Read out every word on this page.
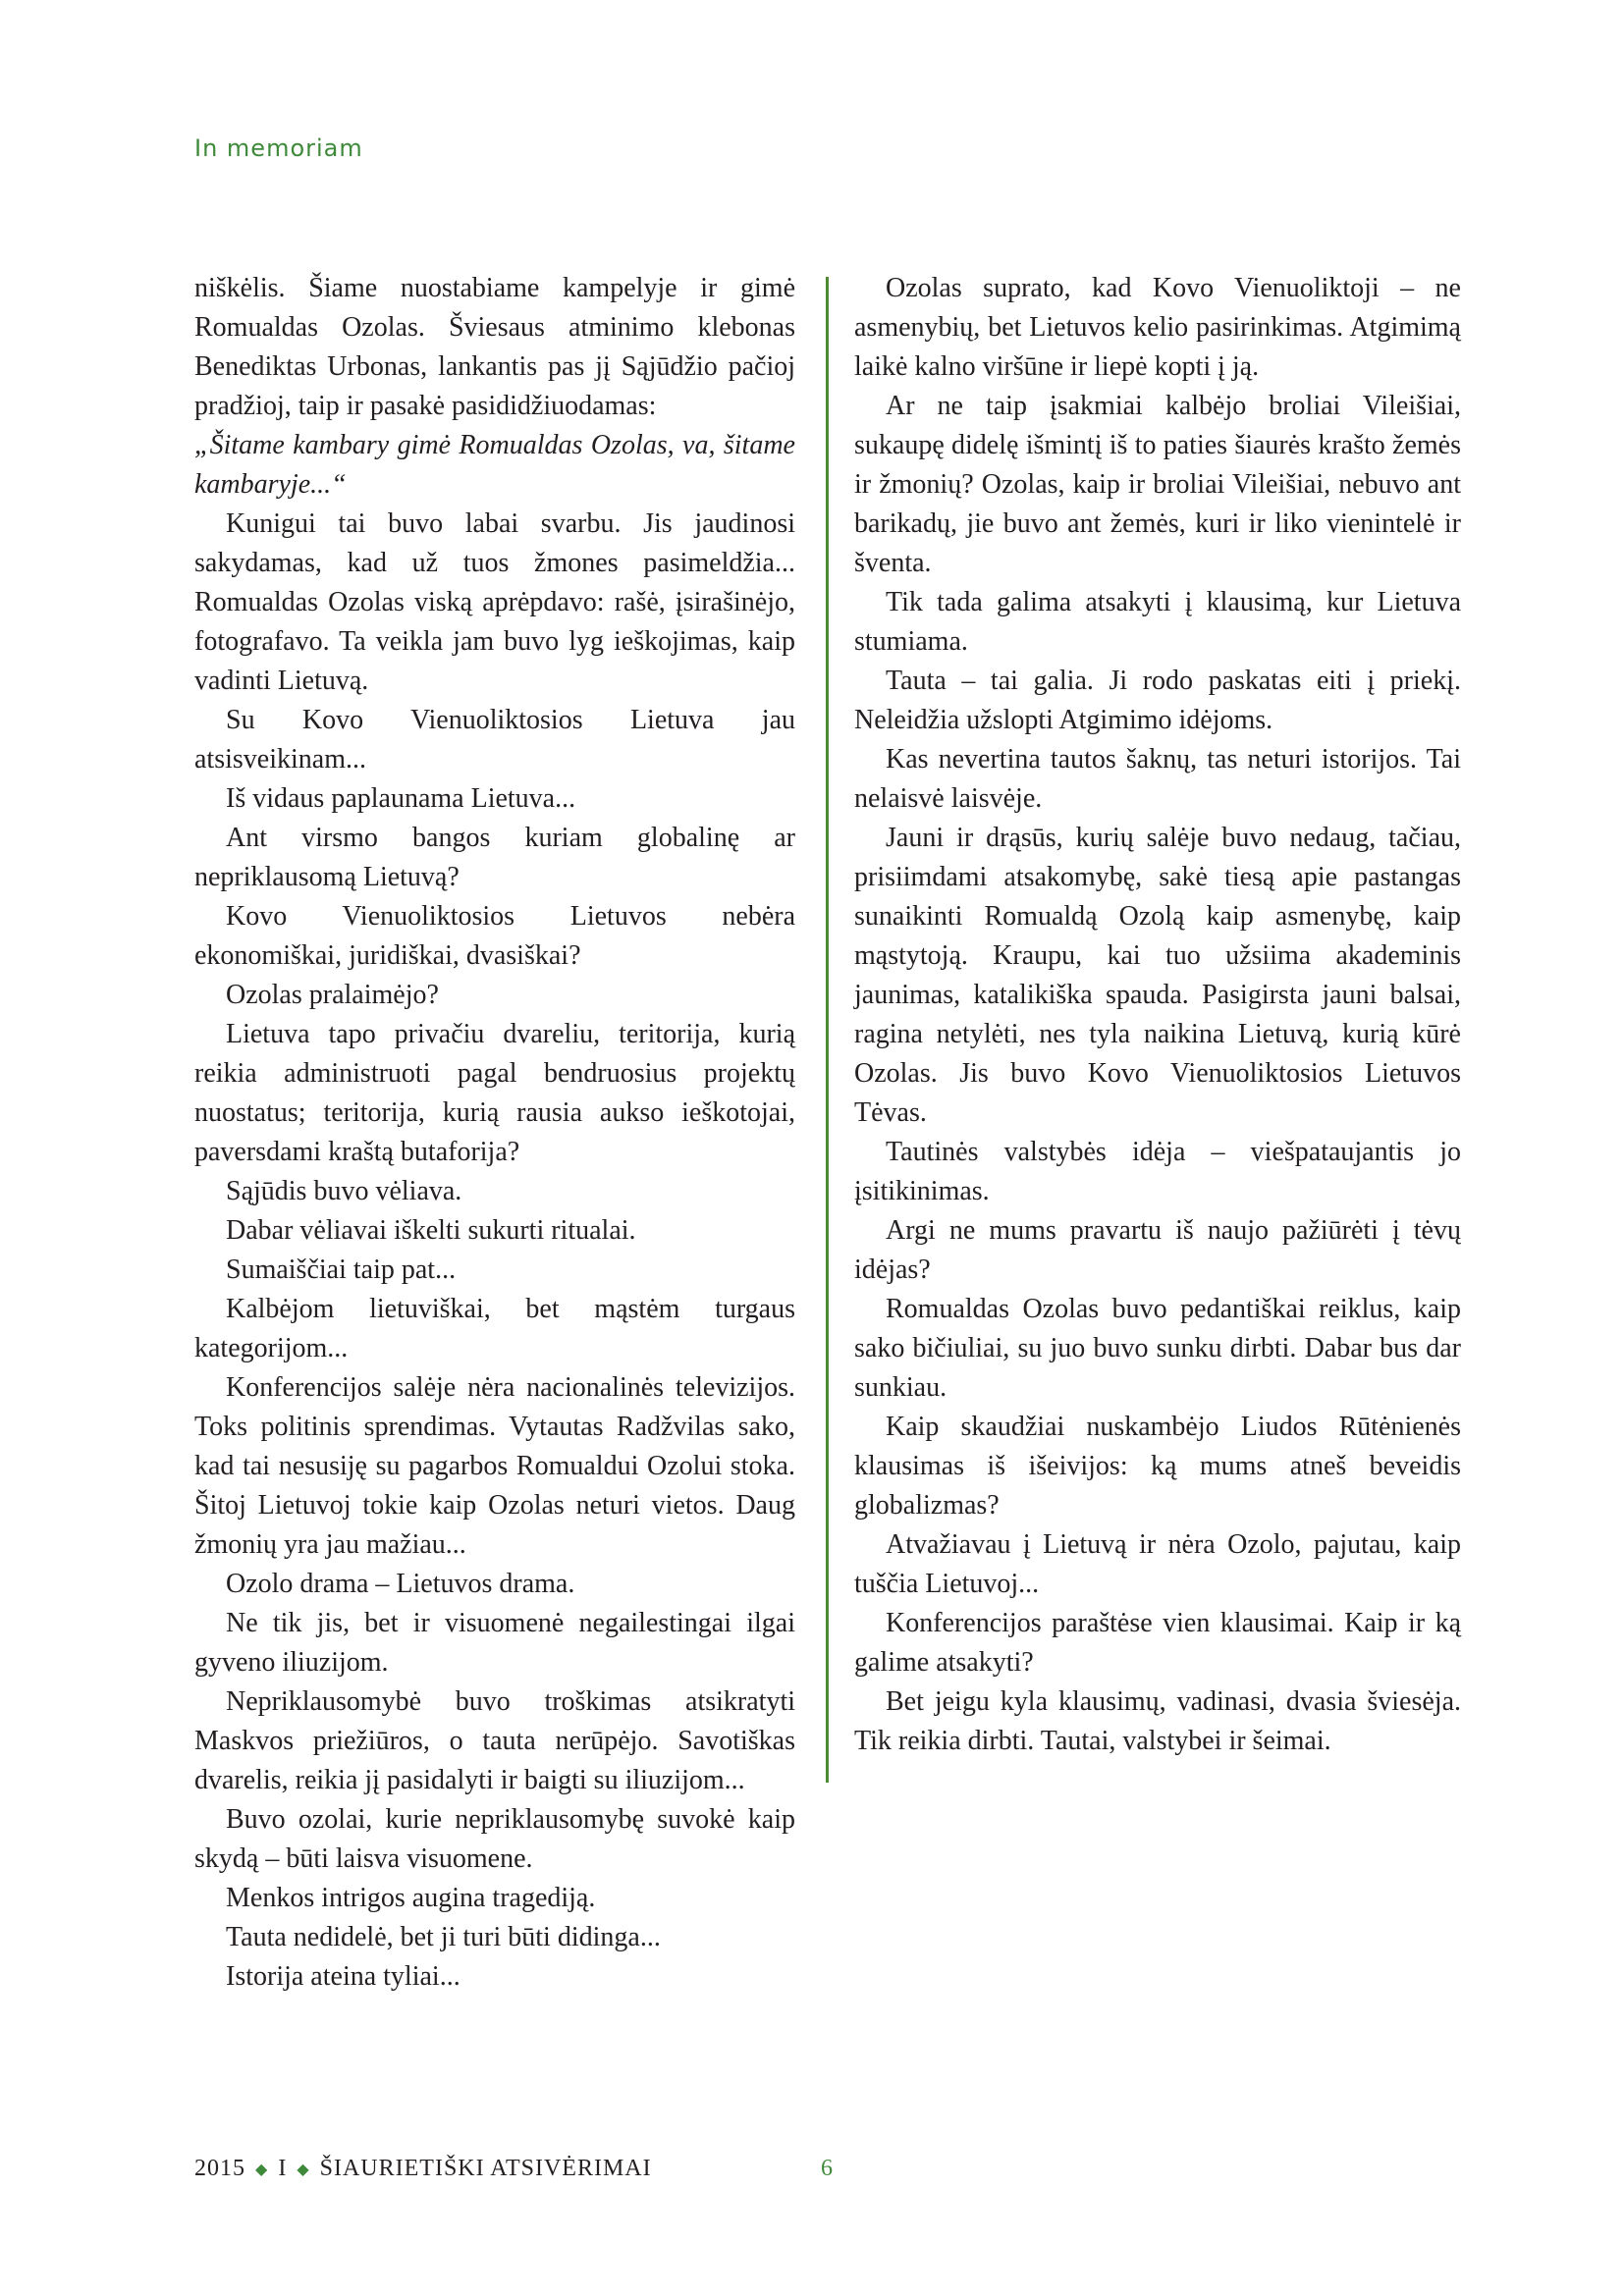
In memoriam

niškėlis. Šiame nuostabiame kampelyje ir gimė Romualdas Ozolas. Šviesaus atminimo klebonas Benediktas Urbonas, lankantis pas jį Sąjūdžio pačioj pradžioj, taip ir pasakė pasididžiuodamas:

„Šitame kambary gimė Romualdas Ozolas, va, šitame kambaryje...“

Kunigui tai buvo labai svarbu. Jis jaudinosi sakydamas, kad už tuos žmones pasimeldžia... Romualdas Ozolas viską aprėpdavo: rašė, įsirašinėjo, fotografavo. Ta veikla jam buvo lyg ieškojimas, kaip vadinti Lietuvą.

Su Kovo Vienuoliktosios Lietuva jau atsisveikinam...

Iš vidaus paplaunama Lietuva...

Ant virsmo bangos kuriam globalinę ar nepriklausomą Lietuvą?

Kovo Vienuoliktosios Lietuvos nebėra ekonomiškai, juridiškai, dvasiškai?

Ozolas pralaimėjo?

Lietuva tapo privačiu dvareliu, teritorija, kurią reikia administruoti pagal bendruosius projektų nuostatus; teritorija, kurią rausia aukso ieškotojai, paversdami kraštą butaforija?

Sąjūdis buvo vėliava.

Dabar vėliavai iškelti sukurti ritualai.

Sumaiščiai taip pat...

Kalbėjom lietuviškai, bet mąstėm turgaus kategorijom...

Konferencijos salėje nėra nacionalinės televizijos. Toks politinis sprendimas. Vytautas Radžvilas sako, kad tai nesusiję su pagarbos Romualdui Ozolui stoka. Šitoj Lietuvoj tokie kaip Ozolas neturi vietos. Daug žmonių yra jau mažiau...

Ozolo drama – Lietuvos drama.

Ne tik jis, bet ir visuomenė negailestingai ilgai gyveno iliuzijom.

Nepriklausomybė buvo troškimas atsikratyti Maskvos priežiūros, o tauta nerūpėjo. Savotiškas dvarelis, reikia jį pasidalyti ir baigti su iliuzijom...

Buvo ozolai, kurie nepriklausomybę suvokė kaip skydą – būti laisva visuomene.

Menkos intrigos augina tragediją.

Tauta nedidelė, bet ji turi būti didinga...

Istorija ateina tyliai...

Ozolas suprato, kad Kovo Vienuoliktoji – ne asmenybių, bet Lietuvos kelio pasirinkimas. Atgimimą laikė kalno viršūne ir liepė kopti į ją.

Ar ne taip įsakmiai kalbėjo broliai Vileišiai, sukaupę didelę išmintį iš to paties šiaurės krašto žemės ir žmonių? Ozolas, kaip ir broliai Vileišiai, nebuvo ant barikadų, jie buvo ant žemės, kuri ir liko vienintelė ir šventa.

Tik tada galima atsakyti į klausimą, kur Lietuva stumiama.

Tauta – tai galia. Ji rodo paskatas eiti į priekį. Neleidžia užslopti Atgimimo idėjoms.

Kas nevertina tautos šaknų, tas neturi istorijos. Tai nelaisvė laisvėje.

Jauni ir drąsūs, kurių salėje buvo nedaug, tačiau, prisiimdami atsakomybę, sakė tiesą apie pastangas sunaikinti Romualdą Ozolą kaip asmenybę, kaip mąstytoją. Kraupu, kai tuo užsiima akademinis jaunimas, katalikiška spauda. Pasigirsta jauni balsai, ragina netylėti, nes tyla naikina Lietuvą, kurią kūrė Ozolas. Jis buvo Kovo Vienuoliktosios Lietuvos Tėvas.

Tautinės valstybės idėja – viešpataujantis jo įsitikinimas.

Argi ne mums pravartu iš naujo pažiūrėti į tėvų idėjas?

Romualdas Ozolas buvo pedantiškai reiklus, kaip sako bičiuliai, su juo buvo sunku dirbti. Dabar bus dar sunkiau.

Kaip skaudžiai nuskambėjo Liudos Rūtėnienės klausimas iš išeivijos: ką mums atneš beveidis globalizmas?

Atvažiavau į Lietuvą ir nėra Ozolo, pajutau, kaip tuščia Lietuvoj...

Konferencijos paraštėse vien klausimai. Kaip ir ką galime atsakyti?

Bet jeigu kyla klausimų, vadinasi, dvasia šviesėja. Tik reikia dirbti. Tautai, valstybei ir šeimai.

2015 ◆ I ◆ ŠIAURIETIŠKI ATSIVĖRIMAI	6
